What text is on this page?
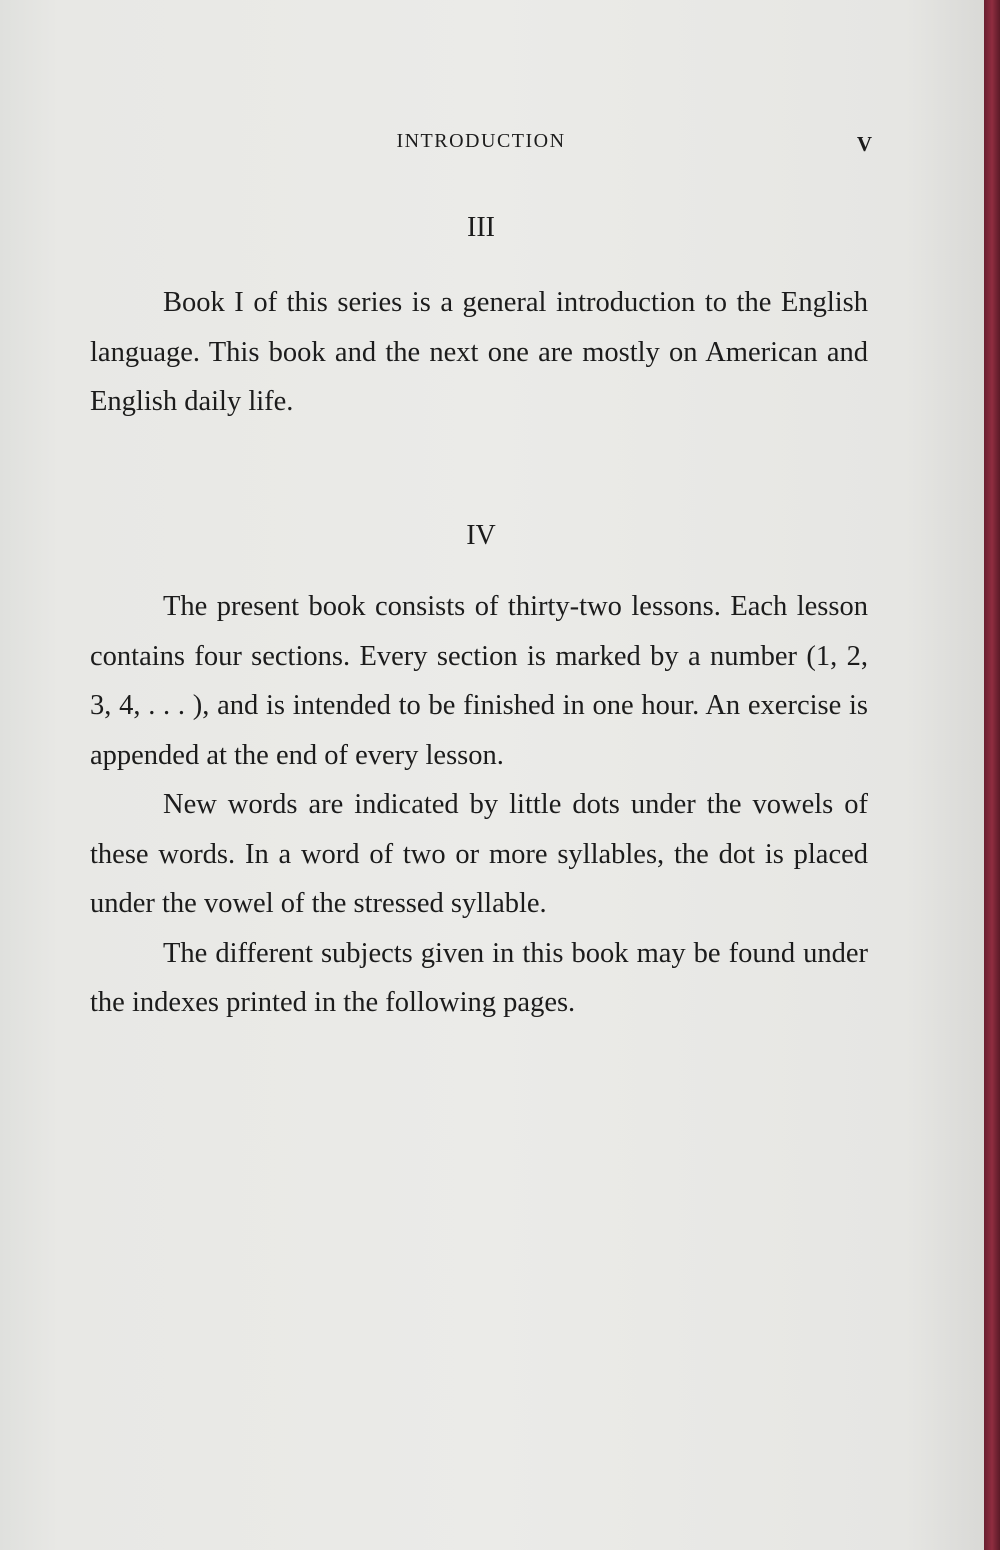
INTRODUCTION	V
III

Book I of this series is a general introduction to the English language. This book and the next one are mostly on American and English daily life.

IV

The present book consists of thirty-two lessons. Each lesson contains four sections. Every section is marked by a number (1, 2, 3, 4, . . . ), and is intended to be finished in one hour. An exercise is appended at the end of every lesson.

New words are indicated by little dots under the vowels of these words. In a word of two or more syllables, the dot is placed under the vowel of the stressed syllable.

The different subjects given in this book may be found under the indexes printed in the following pages.
